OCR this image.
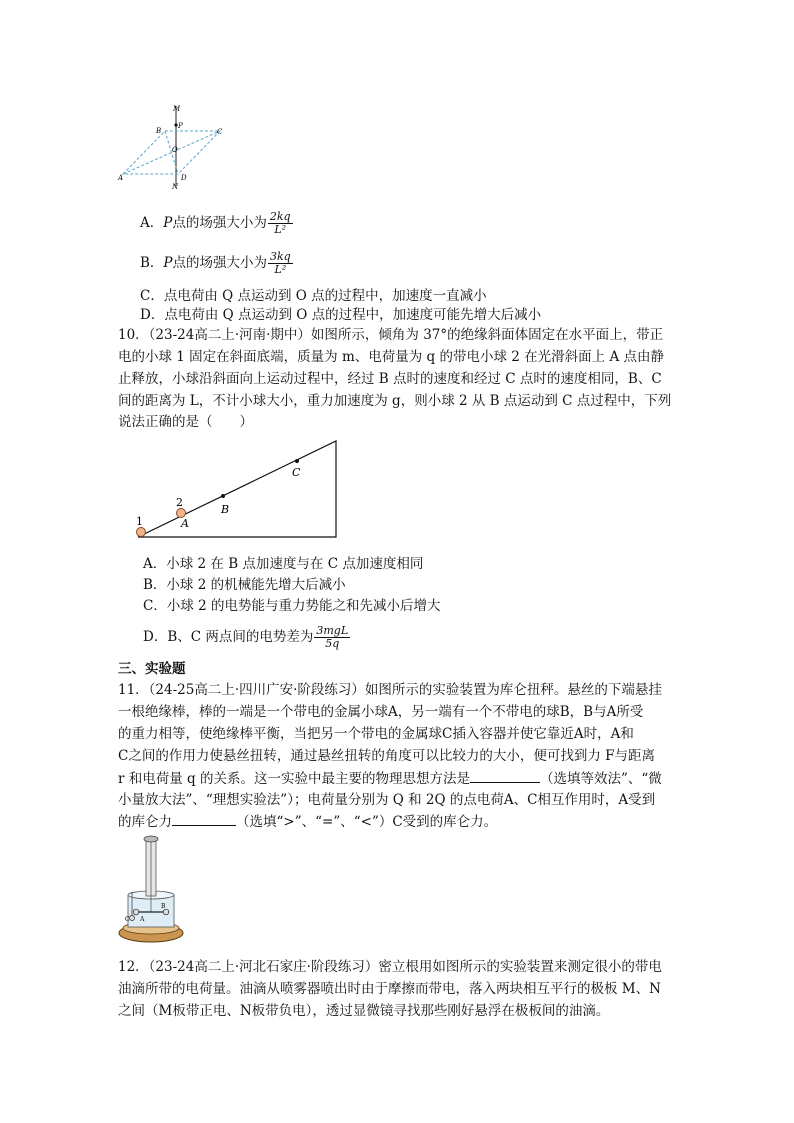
M
P
B	C
O
A	D
N
A．P点的场强大小为 $\frac{2kq}{\text{L²}}$
B．P点的场强大小为 $\frac{3kq}{\text{L²}}$
C．点电荷由 Q 点运动到 O 点的过程中，加速度一直减小
D．点电荷由 Q 点运动到 O 点的过程中，加速度可能先增大后减小
10．（23-24高二上·河南·期中）如图所示，倾角为 37°的绝缘斜面体固定在水平面上，带正
电的小球 1 固定在斜面底端，质量为 m、电荷量为 q 的带电小球 2 在光滑斜面上 A 点由静
止释放，小球沿斜面向上运动过程中，经过 B 点时的速度和经过 C 点时的速度相同，B、C
间的距离为 L，不计小球大小，重力加速度为 g，则小球 2 从 B 点运动到 C 点过程中，下列
说法正确的是（　　）
1
2
A
B
C
A．小球 2 在 B 点加速度与在 C 点加速度相同
B．小球 2 的机械能先增大后减小
C．小球 2 的电势能与重力势能之和先减小后增大
D．B、C 两点间的电势差为 $\frac{\text{3mgL}}{5q}$
三、实验题
11．（24-25高二上·四川广安·阶段练习）如图所示的实验装置为库仑扭秤。悬丝的下端悬挂
一根绝缘棒，棒的一端是一个带电的金属小球A，另一端有一个不带电的球B，B与A所受
的重力相等，使绝缘棒平衡，当把另一个带电的金属球C插入容器并使它靠近A时，A和
C之间的作用力使悬丝扭转，通过悬丝扭转的角度可以比较力的大小，便可找到力 F与距离
r 和电荷量 q 的关系。这一实验中最主要的物理思想方法是	（选填等效法”、“微
小量放大法”、“理想实验法”）；电荷量分别为 Q 和 2Q 的点电荷A、C相互作用时，A受到
的库仑力	（选填“>”、“=”、“<”）C受到的库仑力。
C A
B
12．（23-24高二上·河北石家庄·阶段练习）密立根用如图所示的实验装置来测定很小的带电
油滴所带的电荷量。油滴从喷雾器喷出时由于摩擦而带电，落入两块相互平行的极板 M、N
之间（M板带正电、N板带负电），透过显微镜寻找那些刚好悬浮在极板间的油滴。
